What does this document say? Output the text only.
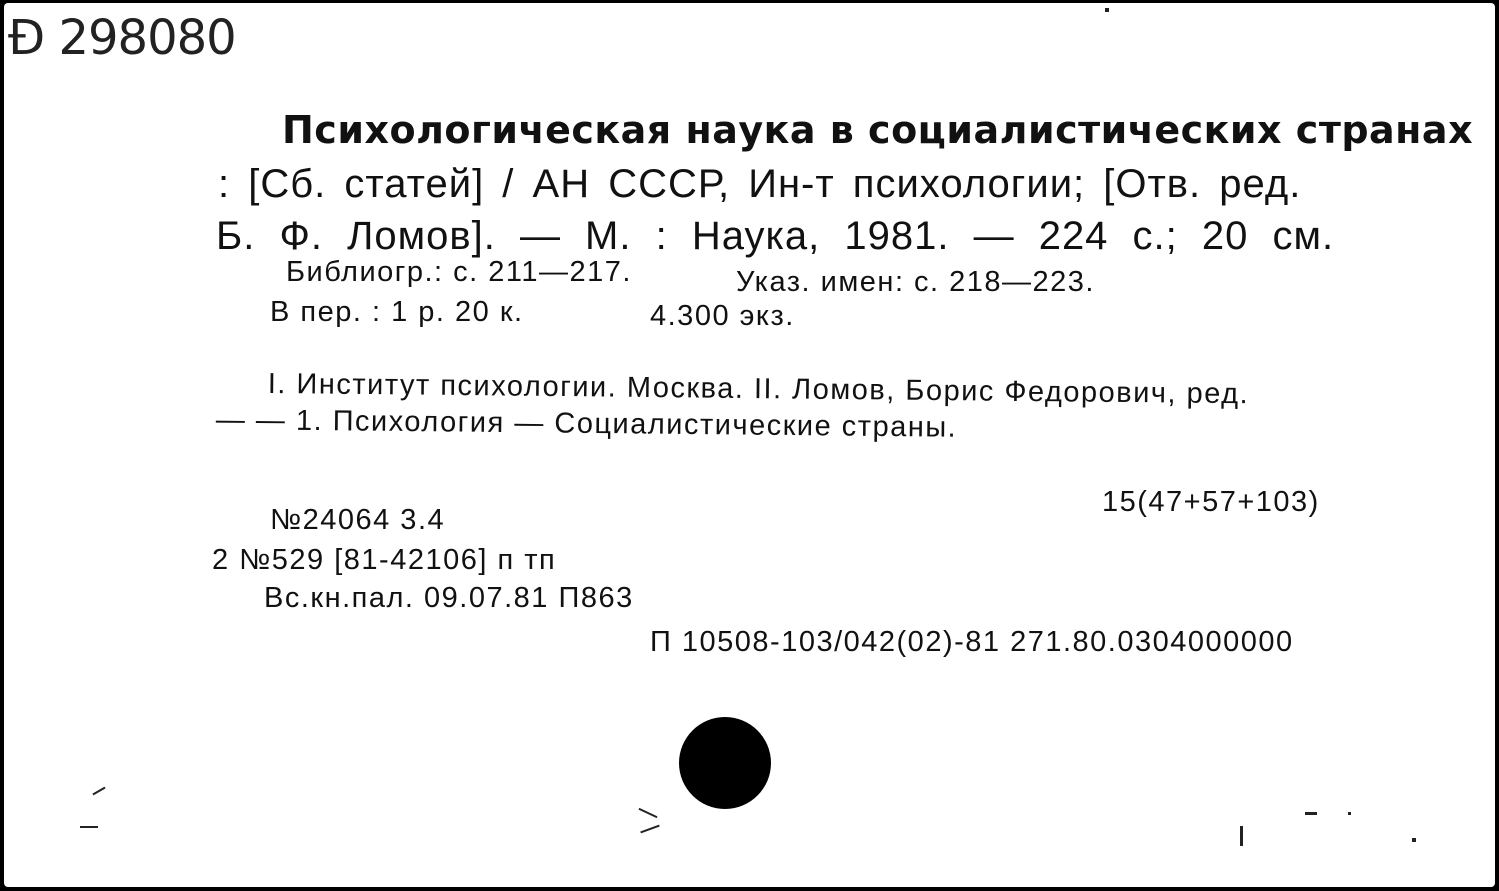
Ð 298080
Психологическая наука в социалистических странах
: [Сб. статей] / АН СССР, Ин-т психологии; [Отв. ред.
Б. Ф. Ломов]. — М. : Наука, 1981. — 224 с.; 20 см.
Библиогр.: с. 211—217.	Указ. имен: с. 218—223.
В пер. : 1 р. 20 к.	4.300 экз.
I. Институт психологии. Москва. II. Ломов, Борис Федорович, ред.
— — 1. Психология — Социалистические страны.
15(47+57+103)
№24064 3.4
2 №529 [81-42106] п тп
Вс.кн.пал. 09.07.81 П863
П 10508-103/042(02)-81 271.80.0304000000
